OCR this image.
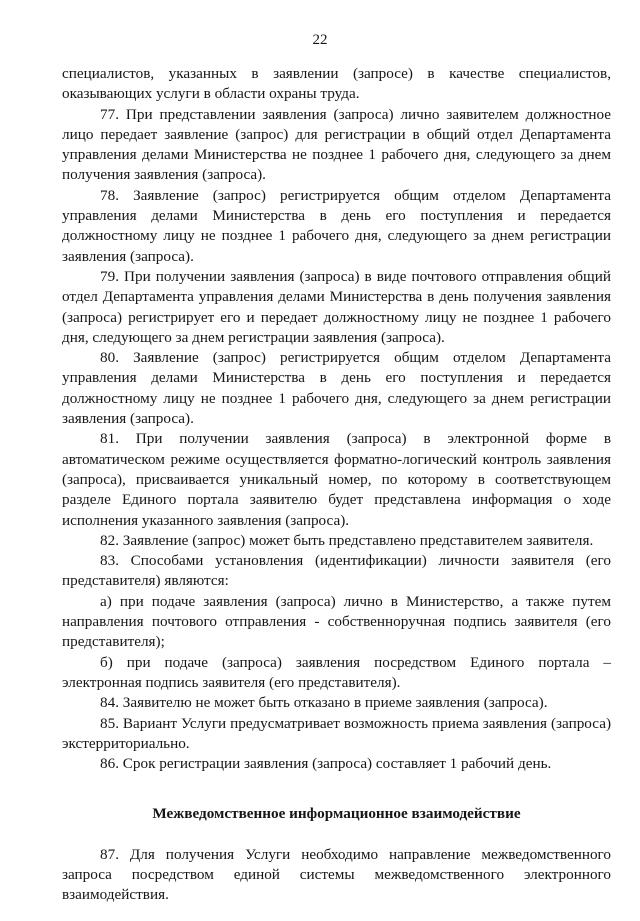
22

специалистов, указанных в заявлении (запросе) в качестве специалистов, оказывающих услуги в области охраны труда.

77. При представлении заявления (запроса) лично заявителем должностное лицо передает заявление (запрос) для регистрации в общий отдел Департамента управления делами Министерства не позднее 1 рабочего дня, следующего за днем получения заявления (запроса).

78. Заявление (запрос) регистрируется общим отделом Департамента управления делами Министерства в день его поступления и передается должностному лицу не позднее 1 рабочего дня, следующего за днем регистрации заявления (запроса).

79. При получении заявления (запроса) в виде почтового отправления общий отдел Департамента управления делами Министерства в день получения заявления (запроса) регистрирует его и передает должностному лицу не позднее 1 рабочего дня, следующего за днем регистрации заявления (запроса).

80. Заявление (запрос) регистрируется общим отделом Департамента управления делами Министерства в день его поступления и передается должностному лицу не позднее 1 рабочего дня, следующего за днем регистрации заявления (запроса).

81. При получении заявления (запроса) в электронной форме в автоматическом режиме осуществляется форматно-логический контроль заявления (запроса), присваивается уникальный номер, по которому в соответствующем разделе Единого портала заявителю будет представлена информация о ходе исполнения указанного заявления (запроса).

82. Заявление (запрос) может быть представлено представителем заявителя.

83. Способами установления (идентификации) личности заявителя (его представителя) являются:

а) при подаче заявления (запроса) лично в Министерство, а также путем направления почтового отправления - собственноручная подпись заявителя (его представителя);

б) при подаче (запроса) заявления посредством Единого портала – электронная подпись заявителя (его представителя).

84. Заявителю не может быть отказано в приеме заявления (запроса).

85. Вариант Услуги предусматривает возможность приема заявления (запроса) экстерриториально.

86. Срок регистрации заявления (запроса) составляет 1 рабочий день.

Межведомственное информационное взаимодействие

87. Для получения Услуги необходимо направление межведомственного запроса посредством единой системы межведомственного электронного взаимодействия.
